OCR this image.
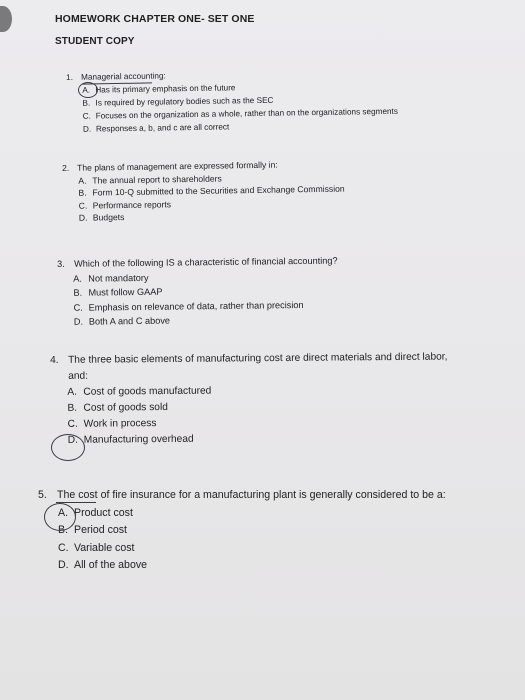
HOMEWORK CHAPTER ONE- SET ONE
STUDENT COPY
1. Managerial accounting:
A. Has its primary emphasis on the future
B. Is required by regulatory bodies such as the SEC
C. Focuses on the organization as a whole, rather than on the organizations segments
D. Responses a, b, and c are all correct
2. The plans of management are expressed formally in:
A. The annual report to shareholders
B. Form 10-Q submitted to the Securities and Exchange Commission
C. Performance reports
D. Budgets
3. Which of the following IS a characteristic of financial accounting?
A. Not mandatory
B. Must follow GAAP
C. Emphasis on relevance of data, rather than precision
D. Both A and C above
4. The three basic elements of manufacturing cost are direct materials and direct labor,
and:
A. Cost of goods manufactured
B. Cost of goods sold
C. Work in process
D. Manufacturing overhead
5. The cost of fire insurance for a manufacturing plant is generally considered to be a:
A. Product cost
B. Period cost
C. Variable cost
D. All of the above
